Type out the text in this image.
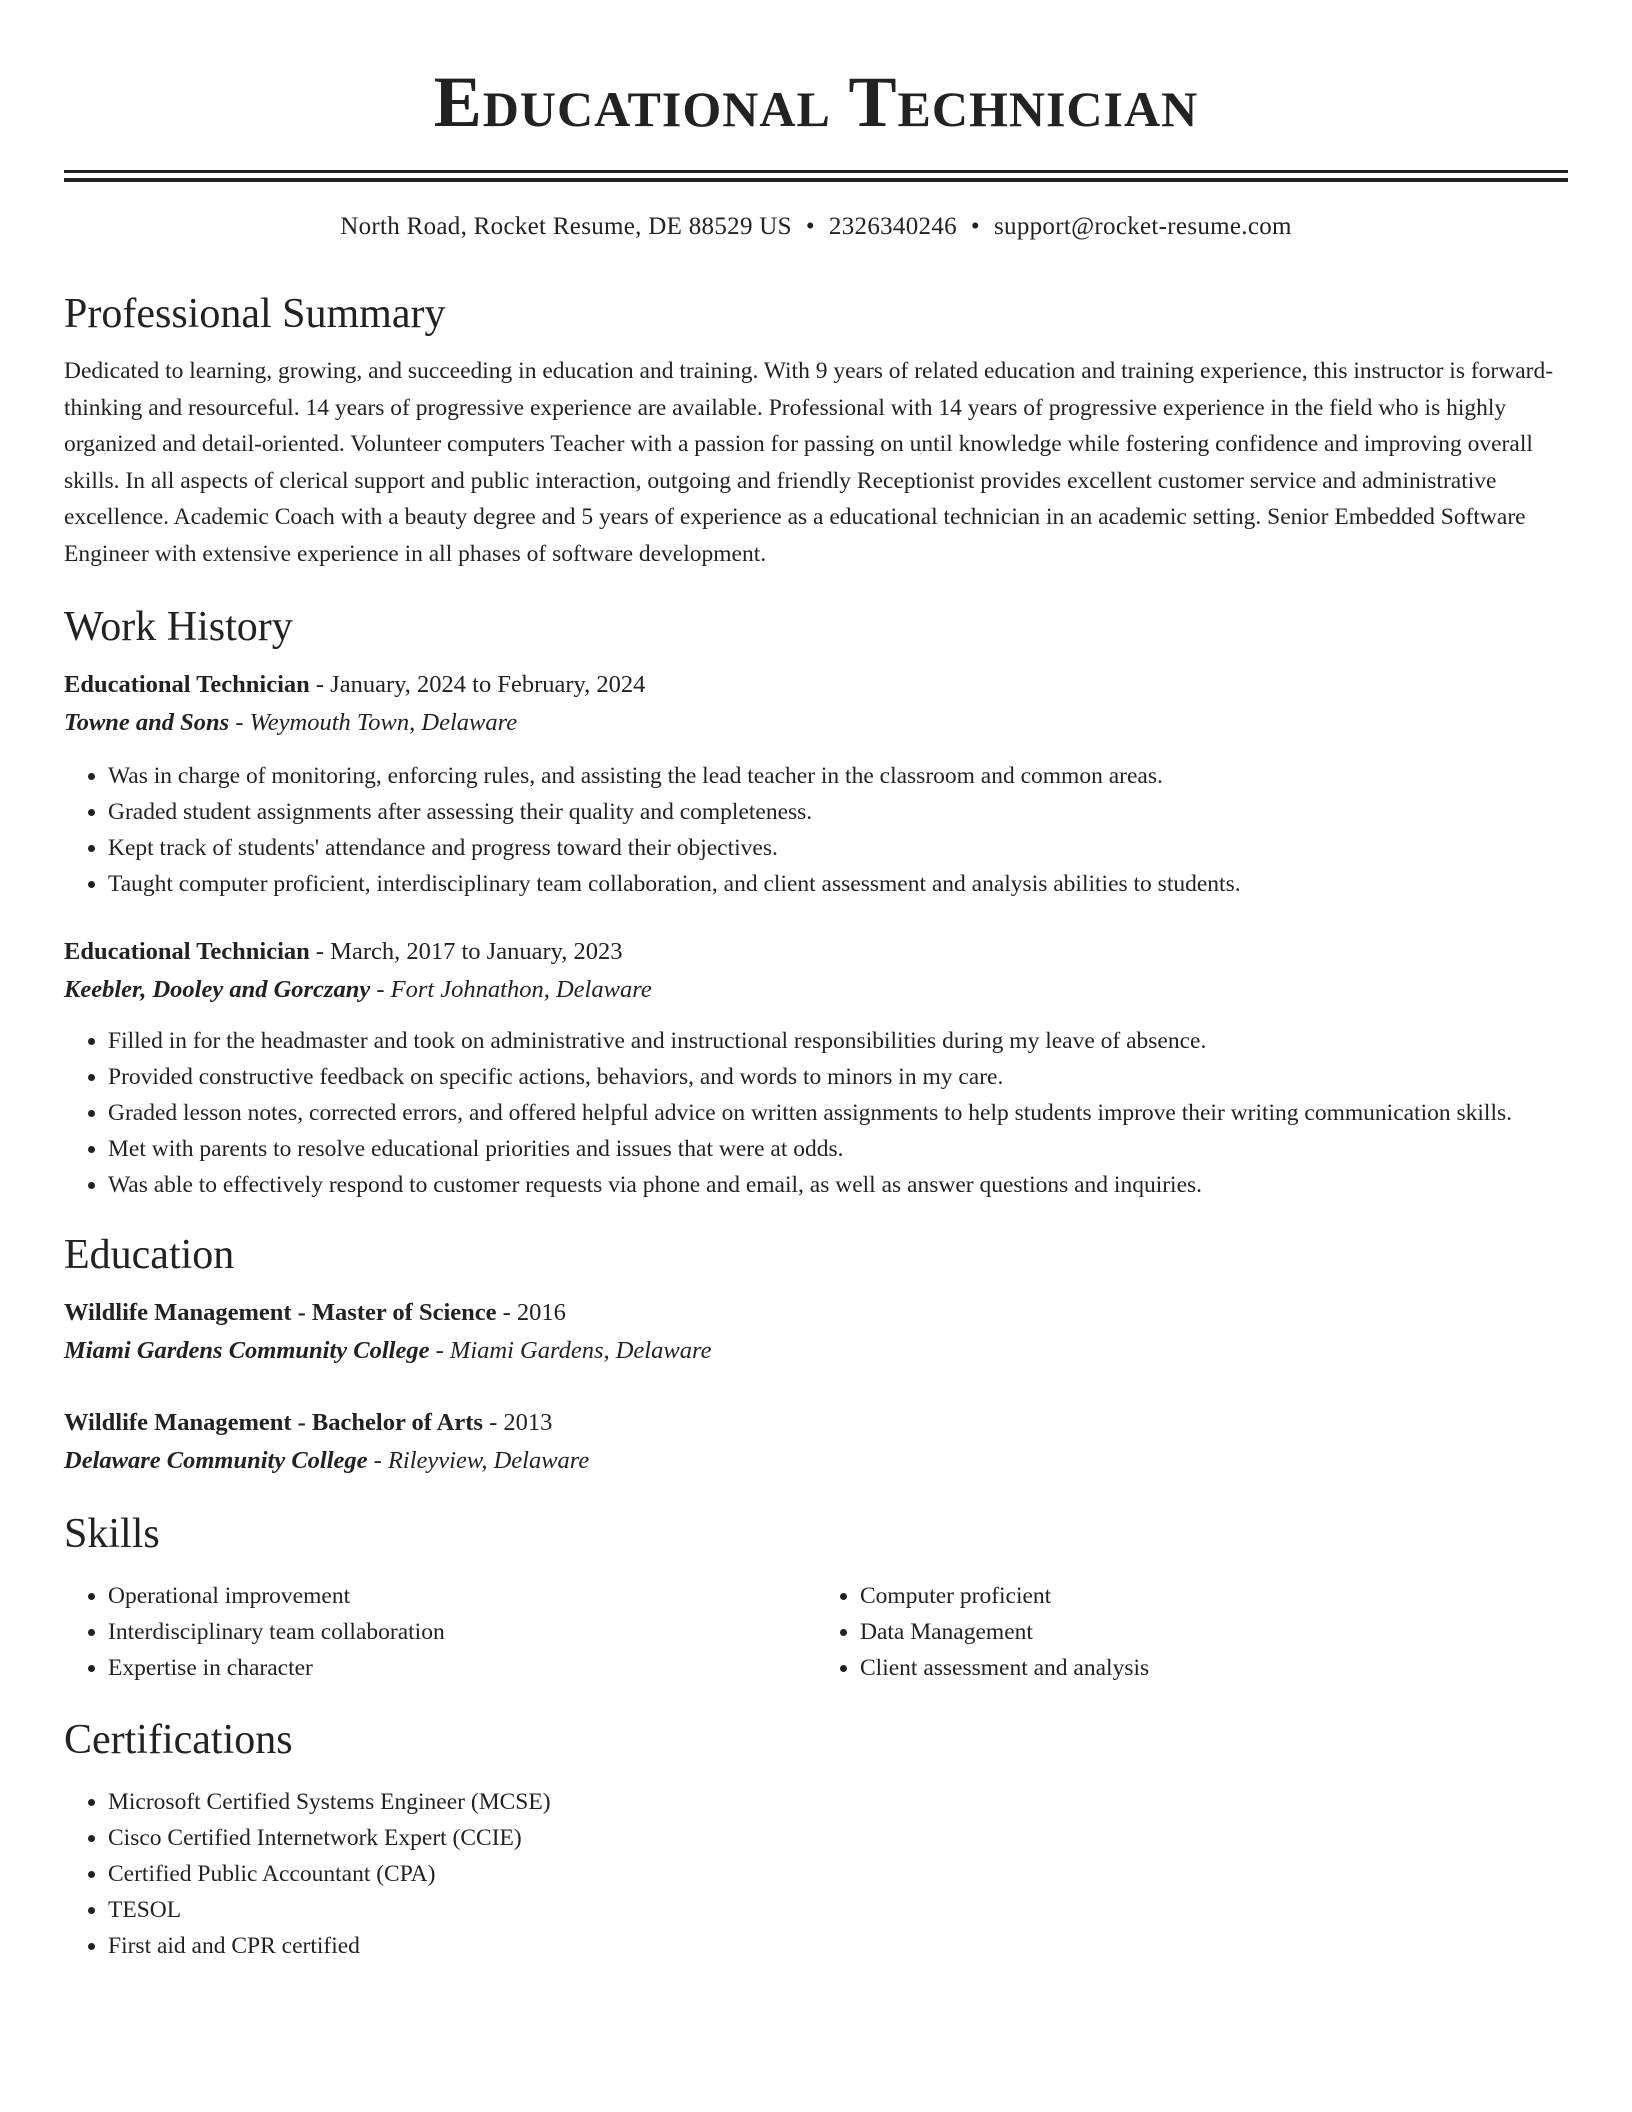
Educational Technician
North Road, Rocket Resume, DE 88529 US • 2326340246 • support@rocket-resume.com
Professional Summary
Dedicated to learning, growing, and succeeding in education and training. With 9 years of related education and training experience, this instructor is forward-thinking and resourceful. 14 years of progressive experience are available. Professional with 14 years of progressive experience in the field who is highly organized and detail-oriented. Volunteer computers Teacher with a passion for passing on until knowledge while fostering confidence and improving overall skills. In all aspects of clerical support and public interaction, outgoing and friendly Receptionist provides excellent customer service and administrative excellence. Academic Coach with a beauty degree and 5 years of experience as a educational technician in an academic setting. Senior Embedded Software Engineer with extensive experience in all phases of software development.
Work History
Educational Technician - January, 2024 to February, 2024
Towne and Sons - Weymouth Town, Delaware
• Was in charge of monitoring, enforcing rules, and assisting the lead teacher in the classroom and common areas.
• Graded student assignments after assessing their quality and completeness.
• Kept track of students' attendance and progress toward their objectives.
• Taught computer proficient, interdisciplinary team collaboration, and client assessment and analysis abilities to students.
Educational Technician - March, 2017 to January, 2023
Keebler, Dooley and Gorczany - Fort Johnathon, Delaware
• Filled in for the headmaster and took on administrative and instructional responsibilities during my leave of absence.
• Provided constructive feedback on specific actions, behaviors, and words to minors in my care.
• Graded lesson notes, corrected errors, and offered helpful advice on written assignments to help students improve their writing communication skills.
• Met with parents to resolve educational priorities and issues that were at odds.
• Was able to effectively respond to customer requests via phone and email, as well as answer questions and inquiries.
Education
Wildlife Management - Master of Science - 2016
Miami Gardens Community College - Miami Gardens, Delaware
Wildlife Management - Bachelor of Arts - 2013
Delaware Community College - Rileyview, Delaware
Skills
• Operational improvement
• Interdisciplinary team collaboration
• Expertise in character
• Computer proficient
• Data Management
• Client assessment and analysis
Certifications
• Microsoft Certified Systems Engineer (MCSE)
• Cisco Certified Internetwork Expert (CCIE)
• Certified Public Accountant (CPA)
• TESOL
• First aid and CPR certified
